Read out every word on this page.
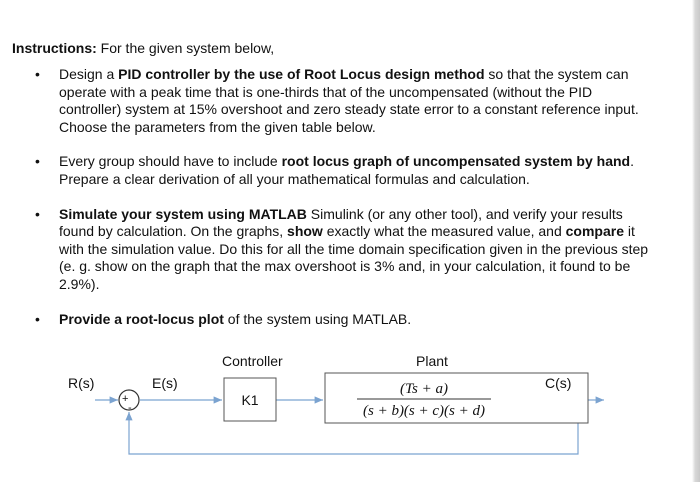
Instructions: For the given system below,
• Design a PID controller by the use of Root Locus design method so that the system can operate with a peak time that is one-thirds that of the uncompensated (without the PID controller) system at 15% overshoot and zero steady state error to a constant reference input. Choose the parameters from the given table below.
• Every group should have to include root locus graph of uncompensated system by hand. Prepare a clear derivation of all your mathematical formulas and calculation.
• Simulate your system using MATLAB Simulink (or any other tool), and verify your results found by calculation. On the graphs, show exactly what the measured value, and compare it with the simulation value. Do this for all the time domain specification given in the previous step (e. g. show on the graph that the max overshoot is 3% and, in your calculation, it found to be 2.9%).
• Provide a root-locus plot of the system using MATLAB.
+
-
R(s)	E(s)
Controller
K1
Plant
(Ts + a)
(s + b)(s + c)(s + d)
C(s)
